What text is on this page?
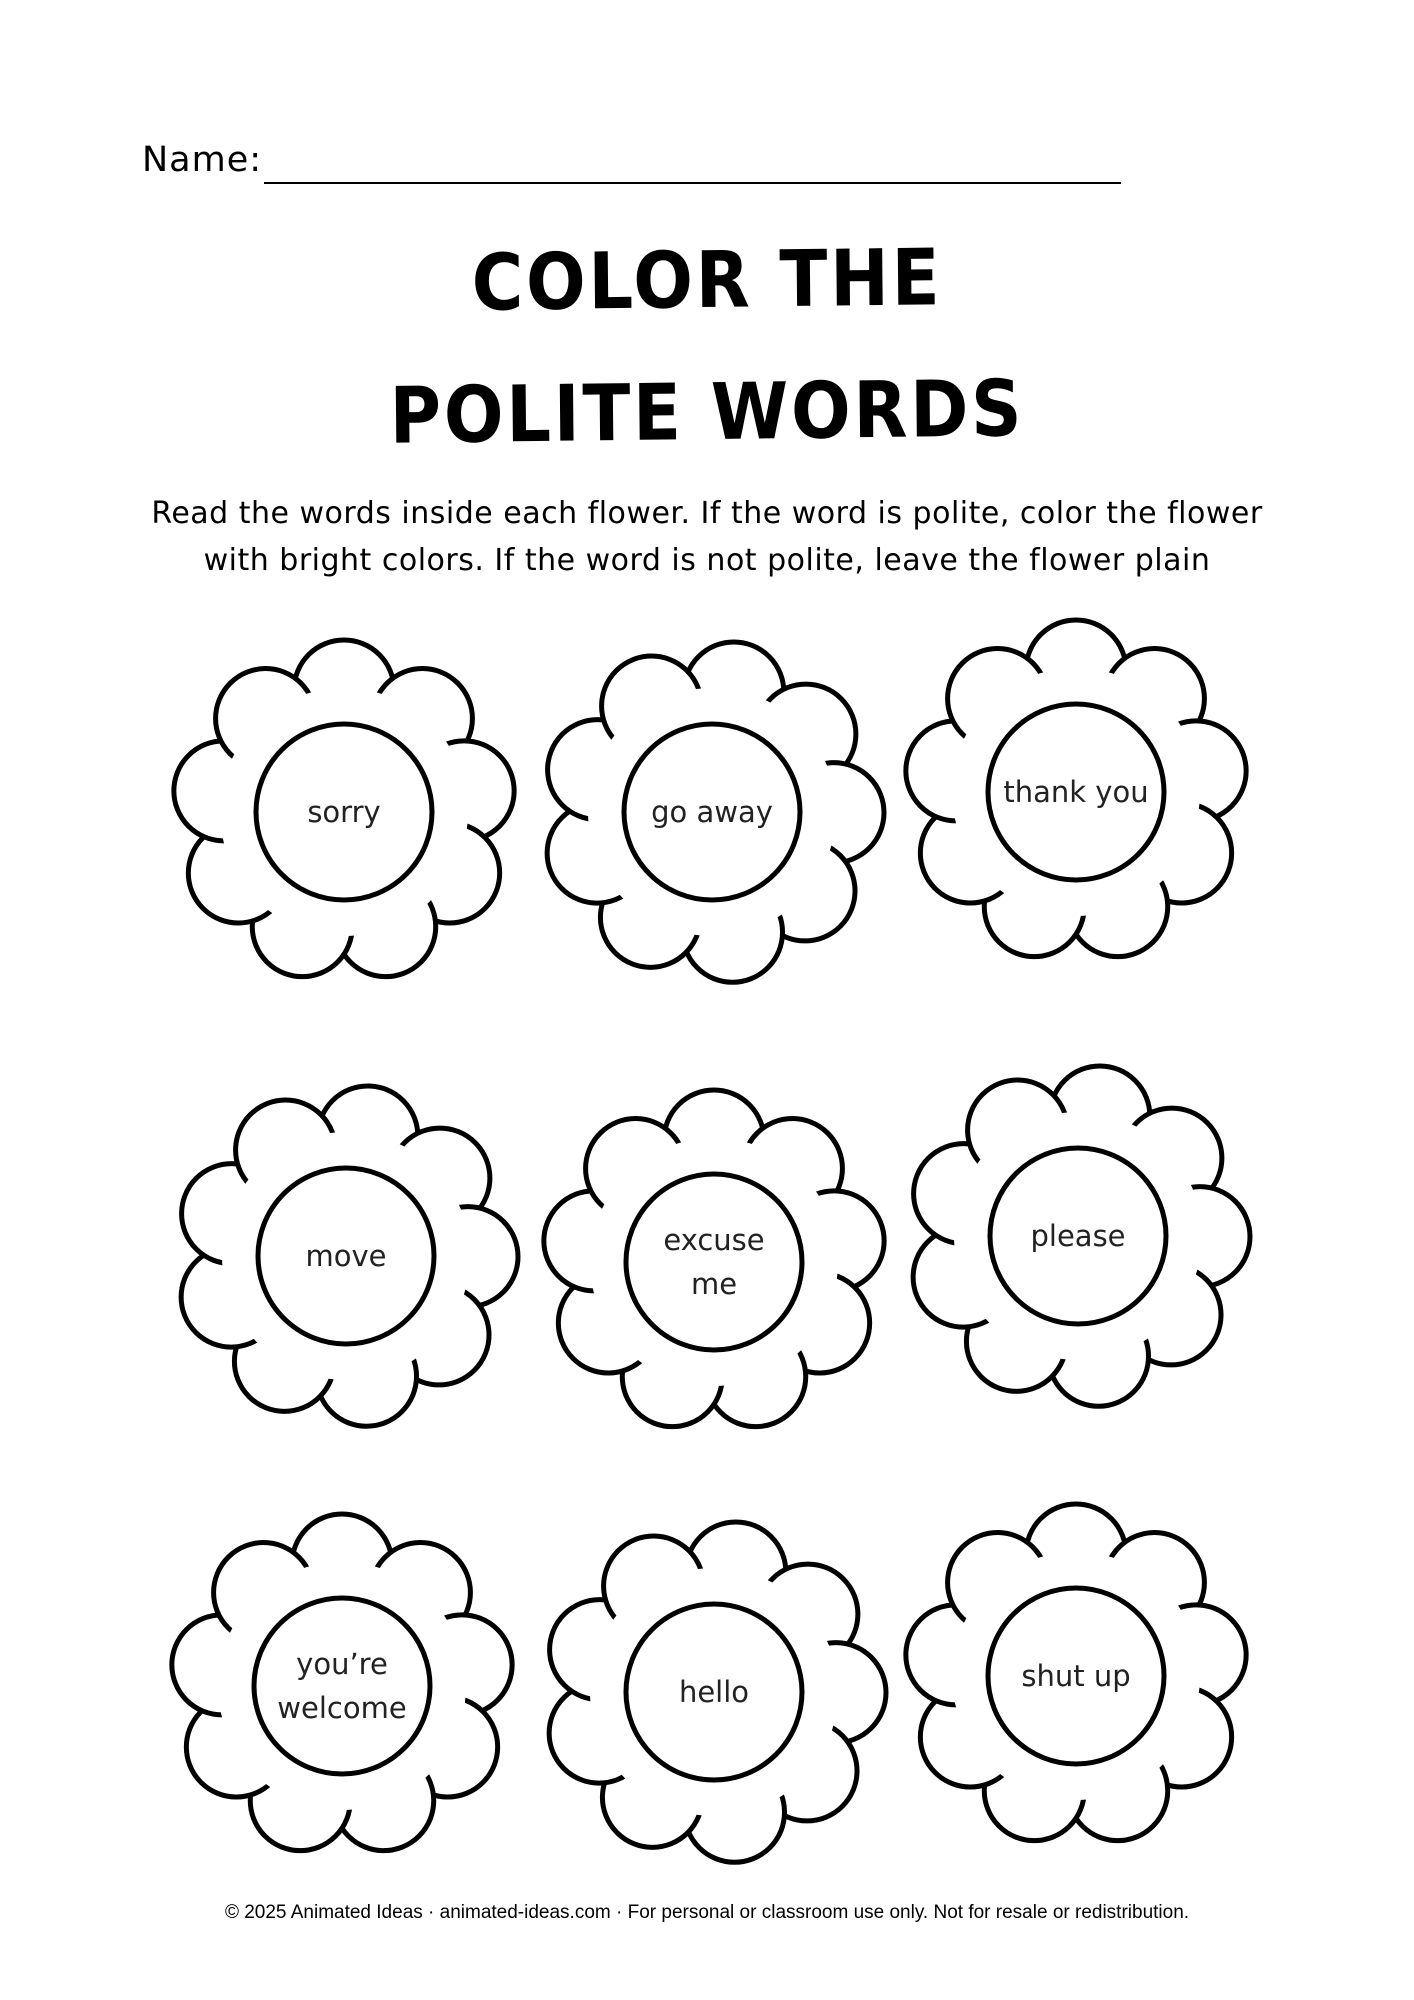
Name:
COLOR THE
POLITE WORDS
Read the words inside each flower. If the word is polite, color the flower
with bright colors. If the word is not polite, leave the flower plain
sorry	go away
thank you
move	excuse
me
please
you’re
welcome	hello	shut up
© 2025 Animated Ideas · animated-ideas.com · For personal or classroom use only. Not for resale or redistribution.
